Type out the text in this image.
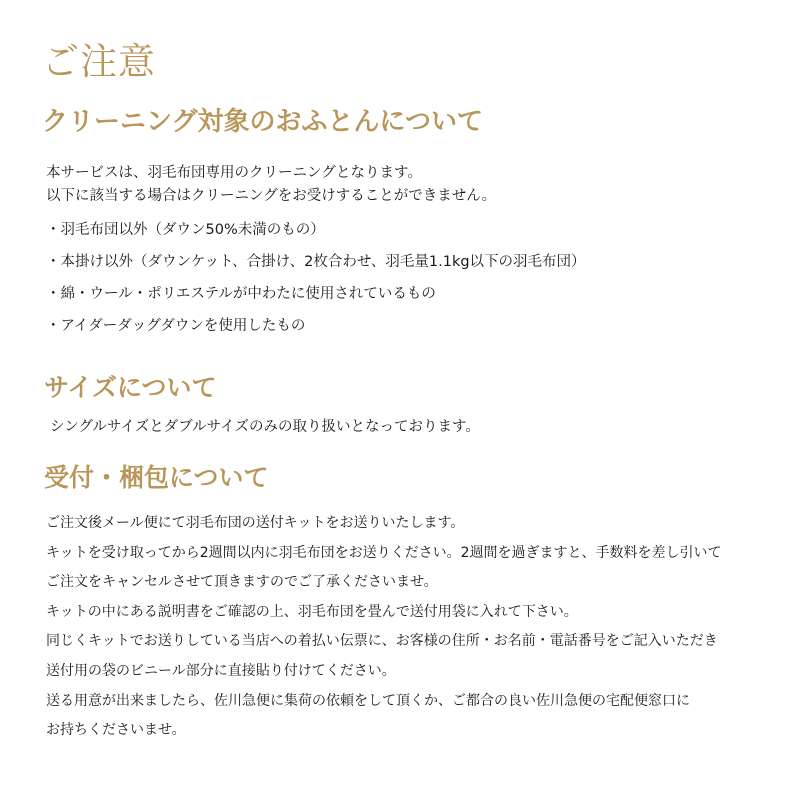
ご注意
クリーニング対象のおふとんについて

本サービスは、羽毛布団専用のクリーニングとなります。
以下に該当する場合はクリーニングをお受けすることができません。

・羽毛布団以外（ダウン50%未満のもの）
・本掛け以外（ダウンケット、合掛け、2枚合わせ、羽毛量1.1kg以下の羽毛布団）
・綿・ウール・ポリエステルが中わたに使用されているもの
・アイダーダッグダウンを使用したもの
サイズについて

シングルサイズとダブルサイズのみの取り扱いとなっております。

受付・梱包について

ご注文後メール便にて羽毛布団の送付キットをお送りいたします。
キットを受け取ってから2週間以内に羽毛布団をお送りください。2週間を過ぎますと、手数料を差し引いて
ご注文をキャンセルさせて頂きますのでご了承くださいませ。
キットの中にある説明書をご確認の上、羽毛布団を畳んで送付用袋に入れて下さい。
同じくキットでお送りしている当店への着払い伝票に、お客様の住所・お名前・電話番号をご記入いただき
送付用の袋のビニール部分に直接貼り付けてください。
送る用意が出来ましたら、佐川急便に集荷の依頼をして頂くか、ご都合の良い佐川急便の宅配便窓口に
お持ちくださいませ。
